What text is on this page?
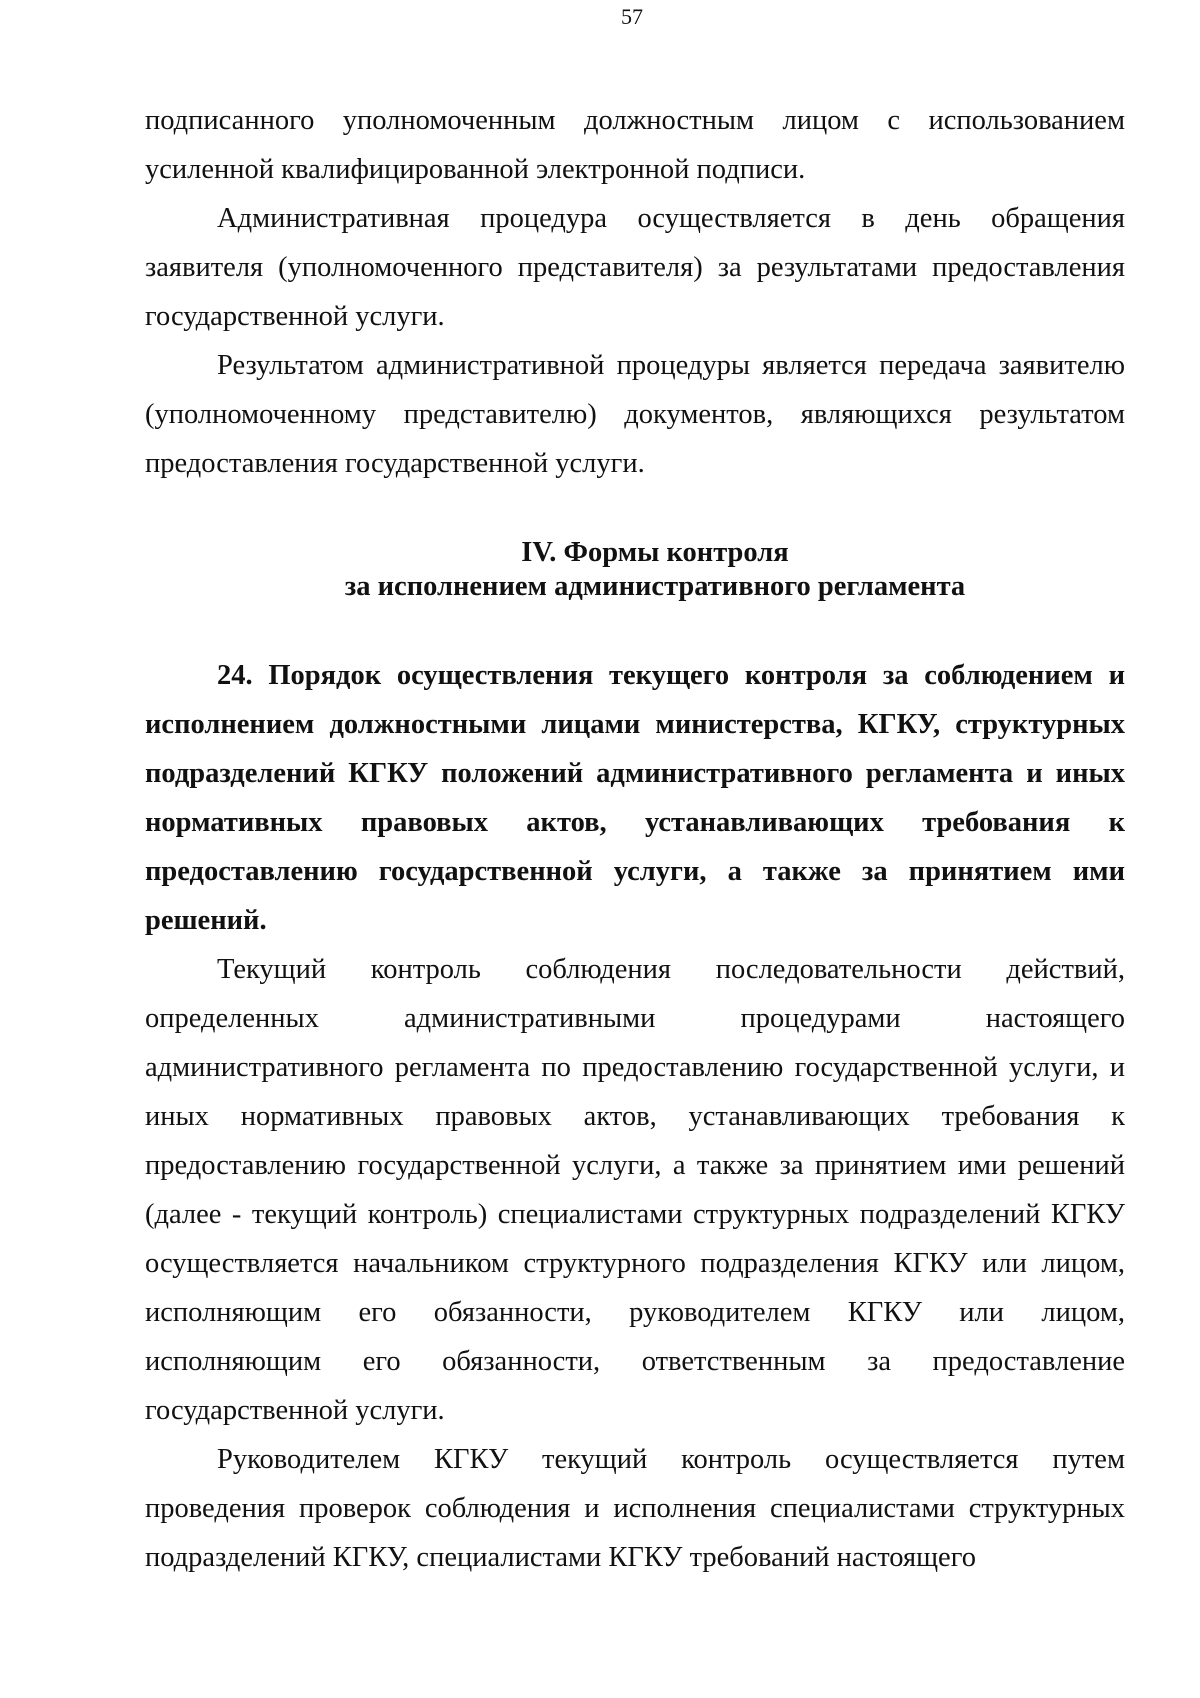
57

подписанного уполномоченным должностным лицом с использованием усиленной квалифицированной электронной подписи.

Административная процедура осуществляется в день обращения заявителя (уполномоченного представителя) за результатами предоставления государственной услуги.

Результатом административной процедуры является передача заявителю (уполномоченному представителю) документов, являющихся результатом предоставления государственной услуги.

IV. Формы контроля

за исполнением административного регламента

24. Порядок осуществления текущего контроля за соблюдением и исполнением должностными лицами министерства, КГКУ, структурных подразделений КГКУ положений административного регламента и иных нормативных правовых актов, устанавливающих требования к предоставлению государственной услуги, а также за принятием ими решений.

Текущий контроль соблюдения последовательности действий, определенных административными процедурами настоящего административного регламента по предоставлению государственной услуги, и иных нормативных правовых актов, устанавливающих требования к предоставлению государственной услуги, а также за принятием ими решений (далее - текущий контроль) специалистами структурных подразделений КГКУ осуществляется начальником структурного подразделения КГКУ или лицом, исполняющим его обязанности, руководителем КГКУ или лицом, исполняющим его обязанности, ответственным за предоставление государственной услуги.

Руководителем КГКУ текущий контроль осуществляется путем проведения проверок соблюдения и исполнения специалистами структурных подразделений КГКУ, специалистами КГКУ требований настоящего
